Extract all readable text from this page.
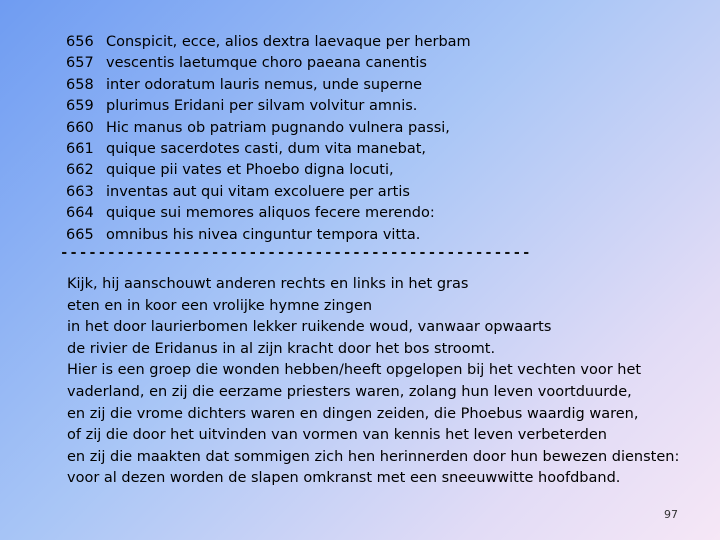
656 Conspicit, ecce, alios dextra laevaque per herbam
657 vescentis laetumque choro paeana canentis
658 inter odoratum lauris nemus, unde superne
659 plurimus Eridani per silvam volvitur amnis.
660 Hic manus ob patriam pugnando vulnera passi,
661 quique sacerdotes casti, dum vita manebat,
662 quique pii vates et Phoebo digna locuti,
663 inventas aut qui vitam excoluere per artis
664 quique sui memores aliquos fecere merendo:
665 omnibus his nivea cinguntur tempora vitta.
--------------------------------------------------
Kijk, hij aanschouwt anderen rechts en links in het gras
eten en in koor een vrolijke hymne zingen
in het door laurierbomen lekker ruikende woud, vanwaar opwaarts
de rivier de Eridanus in al zijn kracht door het bos stroomt.
Hier is een groep die wonden hebben/heeft opgelopen bij het vechten voor het
vaderland, en zij die eerzame priesters waren, zolang hun leven voortduurde,
en zij die vrome dichters waren en dingen zeiden, die Phoebus waardig waren,
of zij die door het uitvinden van vormen van kennis het leven verbeterden
en zij die maakten dat sommigen zich hen herinnerden door hun bewezen diensten:
voor al dezen worden de slapen omkranst met een sneeuwwitte hoofdband.
97
